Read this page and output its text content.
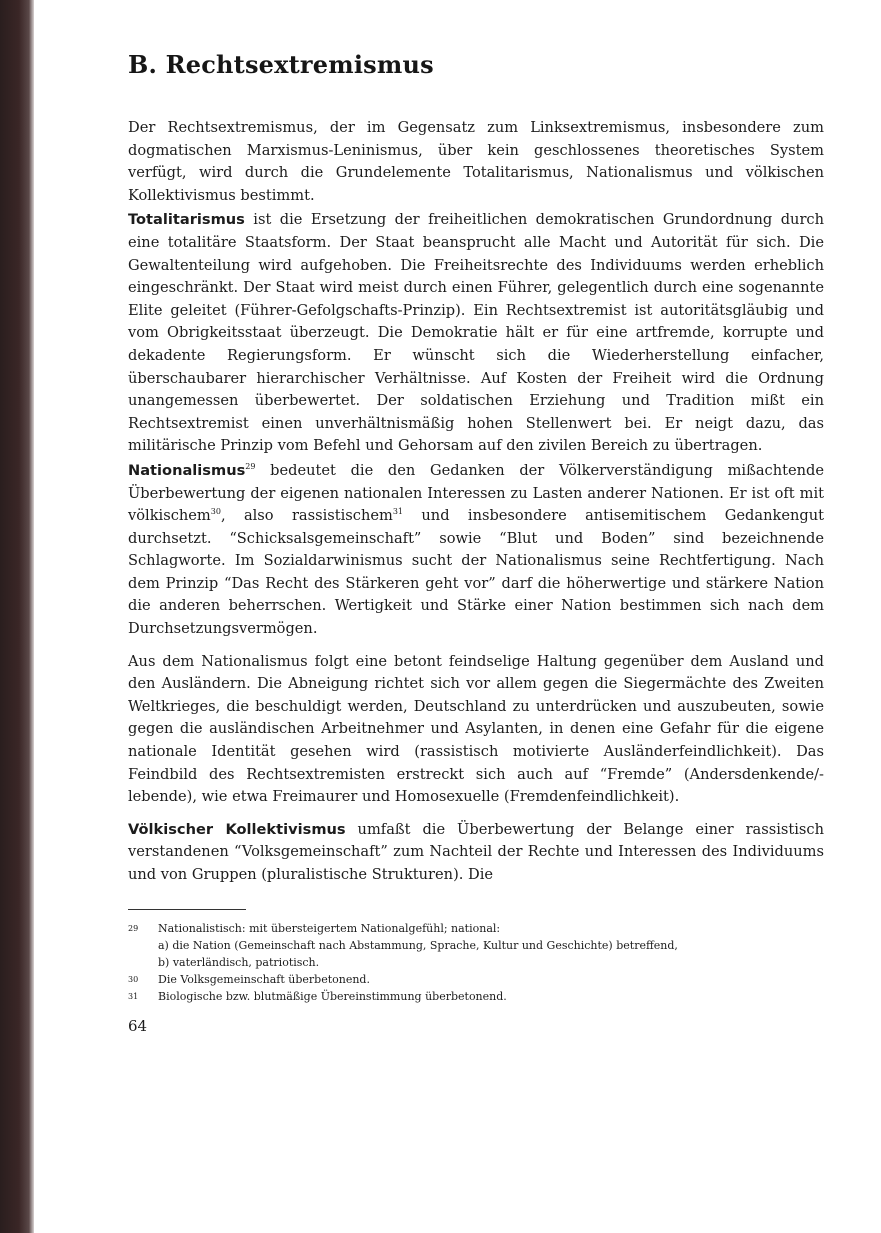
B. Rechtsextremismus

Der Rechtsextremismus, der im Gegensatz zum Linksextremismus, insbesondere zum dogmatischen Marxismus-Leninismus, über kein geschlossenes theoretisches System verfügt, wird durch die Grundelemente Totalitarismus, Nationalismus und völkischen Kollektivismus bestimmt.

Totalitarismus ist die Ersetzung der freiheitlichen demokratischen Grundordnung durch eine totalitäre Staatsform. Der Staat beansprucht alle Macht und Autorität für sich. Die Gewaltenteilung wird aufgehoben. Die Freiheitsrechte des Individuums werden erheblich eingeschränkt. Der Staat wird meist durch einen Führer, gelegentlich durch eine sogenannte Elite geleitet (Führer-Gefolgschafts-Prinzip). Ein Rechtsextremist ist autoritätsgläubig und vom Obrigkeitsstaat überzeugt. Die Demokratie hält er für eine artfremde, korrupte und dekadente Regierungsform. Er wünscht sich die Wiederherstellung einfacher, überschaubarer hierarchischer Verhältnisse. Auf Kosten der Freiheit wird die Ordnung unangemessen überbewertet. Der soldatischen Erziehung und Tradition mißt ein Rechtsextremist einen unverhältnismäßig hohen Stellenwert bei. Er neigt dazu, das militärische Prinzip vom Befehl und Gehorsam auf den zivilen Bereich zu übertragen.

Nationalismus$^{29}$ bedeutet die den Gedanken der Völkerverständigung mißachtende Überbewertung der eigenen nationalen Interessen zu Lasten anderer Nationen. Er ist oft mit völkischem$^{30}$, also rassistischem$^{31}$ und insbesondere antisemitischem Gedankengut durchsetzt. “Schicksalsgemeinschaft” sowie “Blut und Boden” sind bezeichnende Schlagworte. Im Sozialdarwinismus sucht der Nationalismus seine Rechtfertigung. Nach dem Prinzip “Das Recht des Stärkeren geht vor” darf die höherwertige und stärkere Nation die anderen beherrschen. Wertigkeit und Stärke einer Nation bestimmen sich nach dem Durchsetzungsvermögen.

Aus dem Nationalismus folgt eine betont feindselige Haltung gegenüber dem Ausland und den Ausländern. Die Abneigung richtet sich vor allem gegen die Siegermächte des Zweiten Weltkrieges, die beschuldigt werden, Deutschland zu unterdrücken und auszubeuten, sowie gegen die ausländischen Arbeitnehmer und Asylanten, in denen eine Gefahr für die eigene nationale Identität gesehen wird (rassistisch motivierte Ausländerfeindlichkeit). Das Feindbild des Rechtsextremisten erstreckt sich auch auf “Fremde” (Andersdenkende/-lebende), wie etwa Freimaurer und Homosexuelle (Fremdenfeindlichkeit).

Völkischer Kollektivismus umfaßt die Überbewertung der Belange einer rassistisch verstandenen “Volksgemeinschaft” zum Nachteil der Rechte und Interessen des Individuums und von Gruppen (pluralistische Strukturen). Die

29 Nationalistisch: mit übersteigertem Nationalgefühl; national:
a) die Nation (Gemeinschaft nach Abstammung, Sprache, Kultur und Geschichte) betreffend,
b) vaterländisch, patriotisch.
30 Die Volksgemeinschaft überbetonend.
31 Biologische bzw. blutmäßige Übereinstimmung überbetonend.
64
